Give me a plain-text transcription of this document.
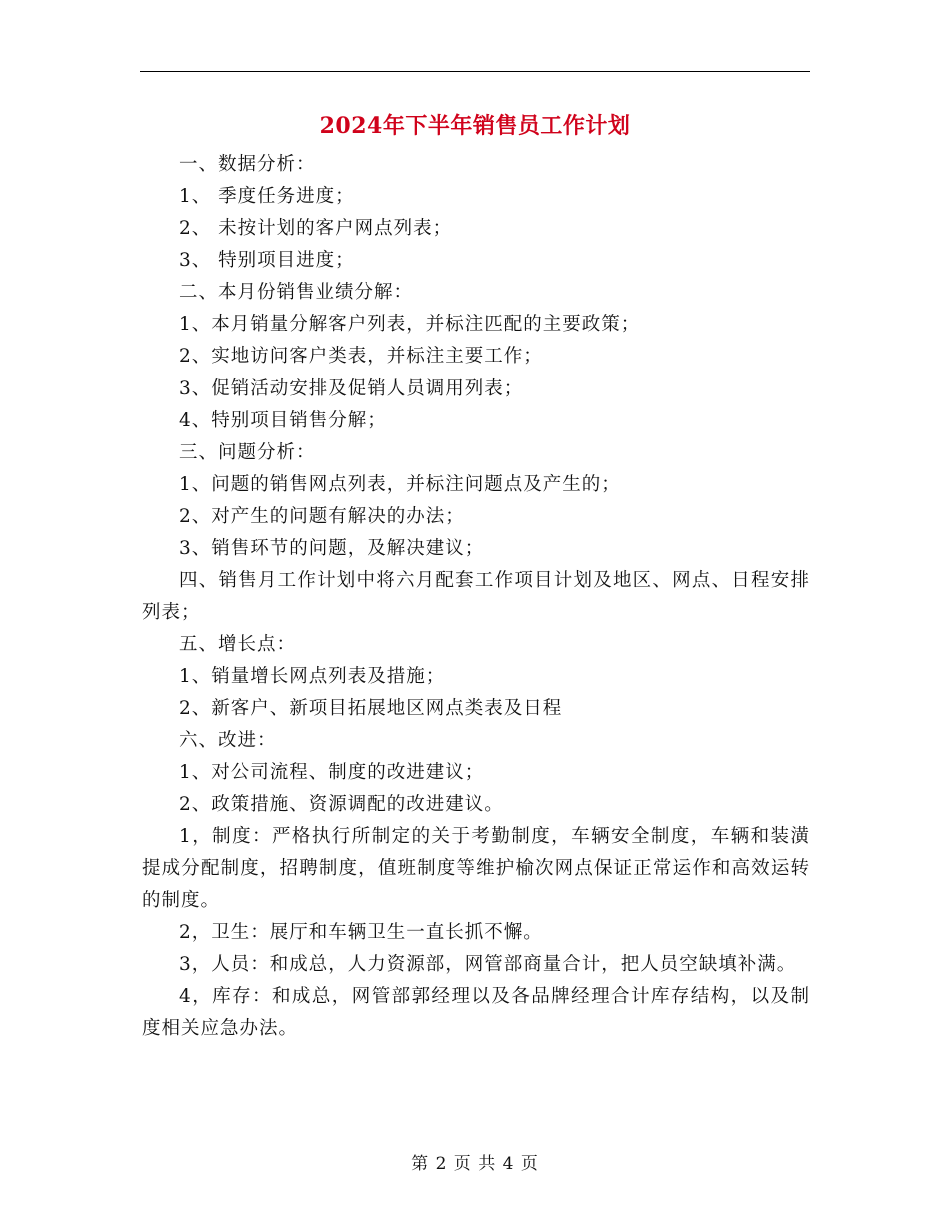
2024年下半年销售员工作计划

一、数据分析：

1、 季度任务进度；

2、 未按计划的客户网点列表；

3、 特别项目进度；

二、本月份销售业绩分解：

1、本月销量分解客户列表，并标注匹配的主要政策；

2、实地访问客户类表，并标注主要工作；

3、促销活动安排及促销人员调用列表；

4、特别项目销售分解；

三、问题分析：

1、问题的销售网点列表，并标注问题点及产生的；

2、对产生的问题有解决的办法；

3、销售环节的问题，及解决建议；

四、销售月工作计划中将六月配套工作项目计划及地区、网点、日程安排列表；

五、增长点：

1、销量增长网点列表及措施；

2、新客户、新项目拓展地区网点类表及日程

六、改进：

1、对公司流程、制度的改进建议；

2、政策措施、资源调配的改进建议。

1，制度：严格执行所制定的关于考勤制度，车辆安全制度，车辆和装潢提成分配制度，招聘制度，值班制度等维护榆次网点保证正常运作和高效运转的制度。

2，卫生：展厅和车辆卫生一直长抓不懈。

3，人员：和成总，人力资源部，网管部商量合计，把人员空缺填补满。

4，库存：和成总，网管部郭经理以及各品牌经理合计库存结构，以及制度相关应急办法。

第 2 页 共 4 页
